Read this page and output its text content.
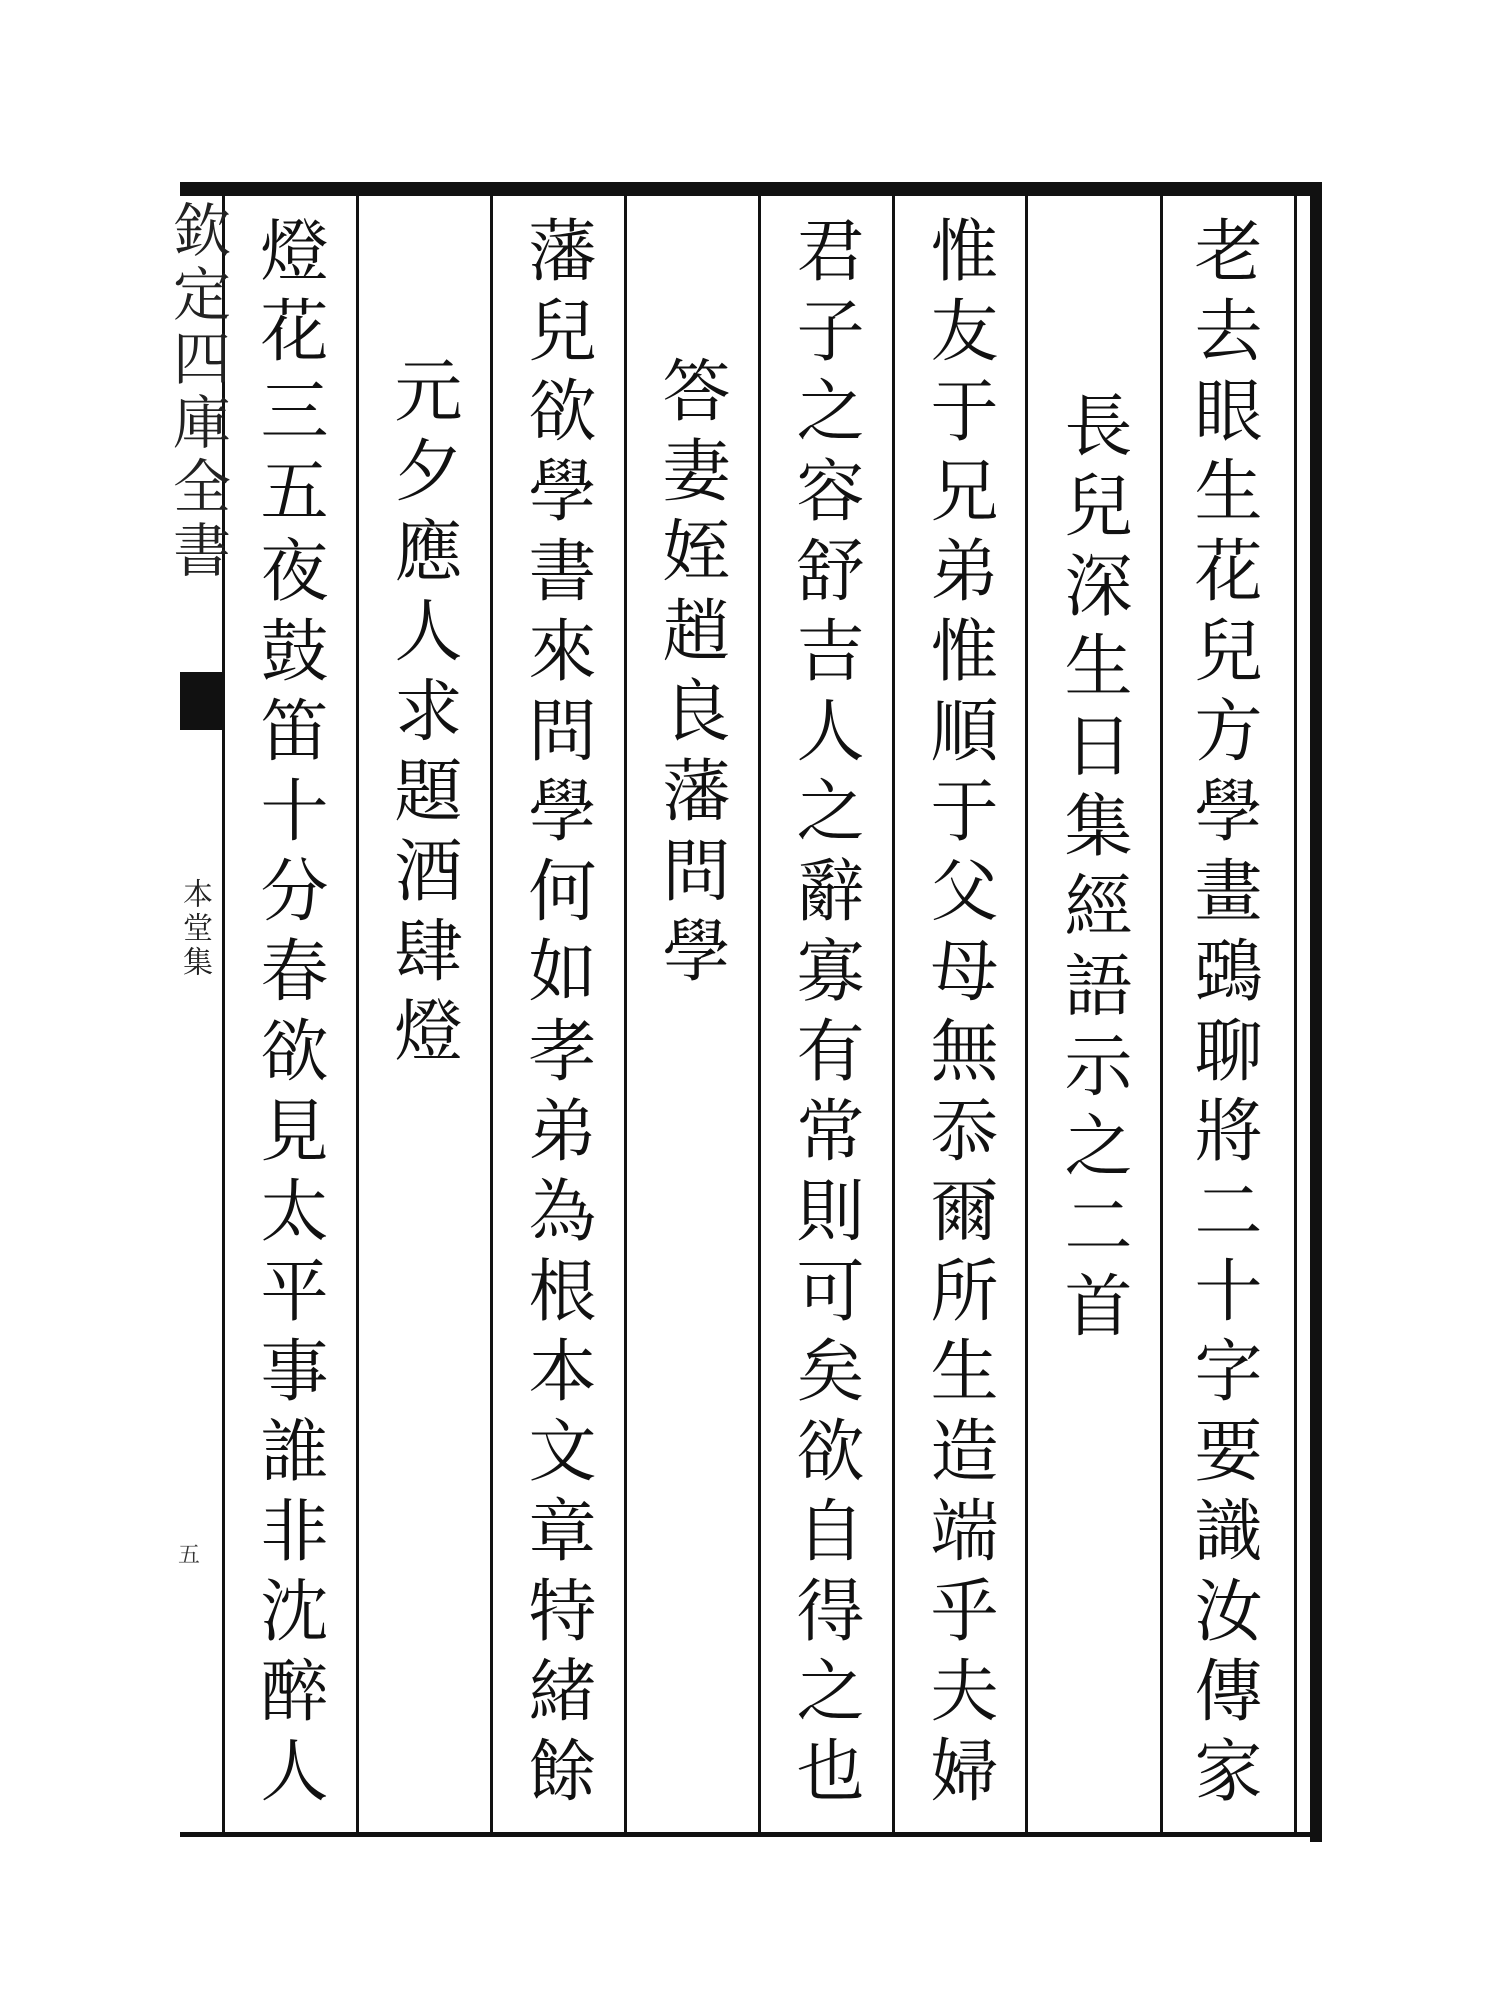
欽定四庫全書
本堂集
五	老去眼生花兒方學畫鵶聊將二十字要識汝傳家
長兒深生日集經語示之二首
惟友于兄弟惟順于父母無忝爾所生造端乎夫婦
君子之容舒吉人之辭寡有常則可矣欲自得之也
答妻姪趙良藩問學
藩兒欲學書來問學何如孝弟為根本文章特緒餘
元夕應人求題酒肆燈
燈花三五夜鼓笛十分春欲見太平事誰非沈醉人
